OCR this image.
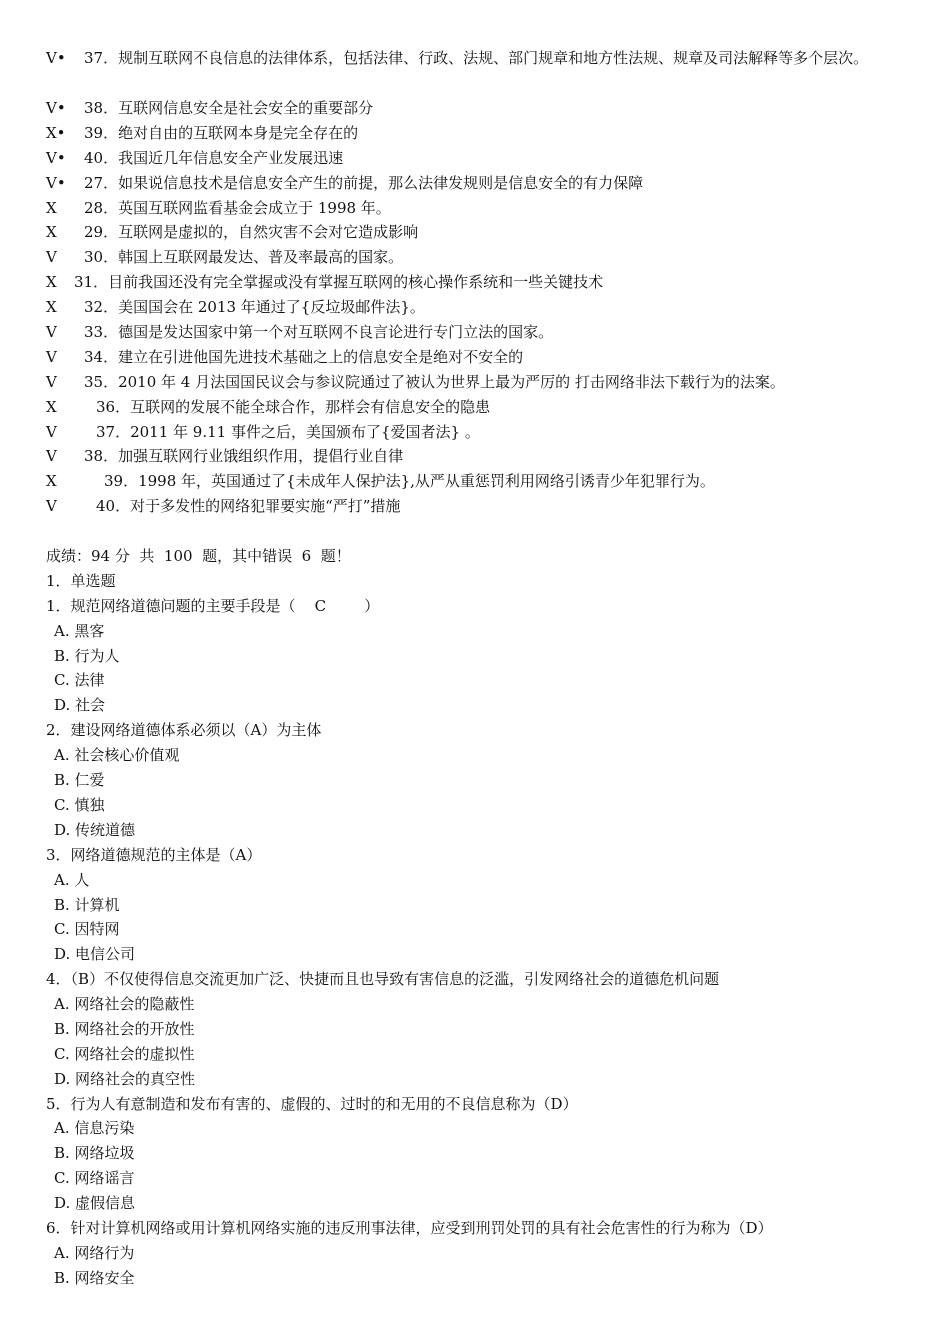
V• 37．规制互联网不良信息的法律体系，包括法律、行政、法规、部门规章和地方性法规、规章及司法解释等多个层次。
V• 38．互联网信息安全是社会安全的重要部分
X• 39．绝对自由的互联网本身是完全存在的
V• 40．我国近几年信息安全产业发展迅速
V• 27．如果说信息技术是信息安全产生的前提，那么法律发规则是信息安全的有力保障
X 28．英国互联网监看基金会成立于 1998 年。
X 29．互联网是虚拟的，自然灾害不会对它造成影响
V 30．韩国上互联网最发达、普及率最高的国家。
X 31．目前我国还没有完全掌握或没有掌握互联网的核心操作系统和一些关键技术
X 32．美国国会在 2013 年通过了{反垃圾邮件法}。
V 33．德国是发达国家中第一个对互联网不良言论进行专门立法的国家。
V 34．建立在引进他国先进技术基础之上的信息安全是绝对不安全的
V 35．2010 年 4 月法国国民议会与参议院通过了被认为世界上最为严厉的 打击网络非法下载行为的法案。
X	36．互联网的发展不能全球合作，那样会有信息安全的隐患
V	37．2011 年 9.11 事件之后，美国颁布了{爱国者法} 。
V 38．加强互联网行业饿组织作用，提倡行业自律
X	39．1998 年，英国通过了{未成年人保护法},从严从重惩罚利用网络引诱青少年犯罪行为。
V	40．对于多发性的网络犯罪要实施“严打”措施
成绩：94 分  共  100  题，其中错误  6  题！
1．单选题
1．规范网络道德问题的主要手段是（    C        ）
A. 黑客
B. 行为人
C. 法律
D. 社会
2．建设网络道德体系必须以（A）为主体
A. 社会核心价值观
B. 仁爱
C. 慎独
D. 传统道德
3．网络道德规范的主体是（A）
A. 人
B. 计算机
C. 因特网
D. 电信公司
4．（B）不仅使得信息交流更加广泛、快捷而且也导致有害信息的泛滥，引发网络社会的道德危机问题
A. 网络社会的隐蔽性
B. 网络社会的开放性
C. 网络社会的虚拟性
D. 网络社会的真空性
5．行为人有意制造和发布有害的、虚假的、过时的和无用的不良信息称为（D）
A. 信息污染
B. 网络垃圾
C. 网络谣言
D. 虚假信息
6．针对计算机网络或用计算机网络实施的违反刑事法律，应受到刑罚处罚的具有社会危害性的行为称为（D）
A. 网络行为
B. 网络安全
